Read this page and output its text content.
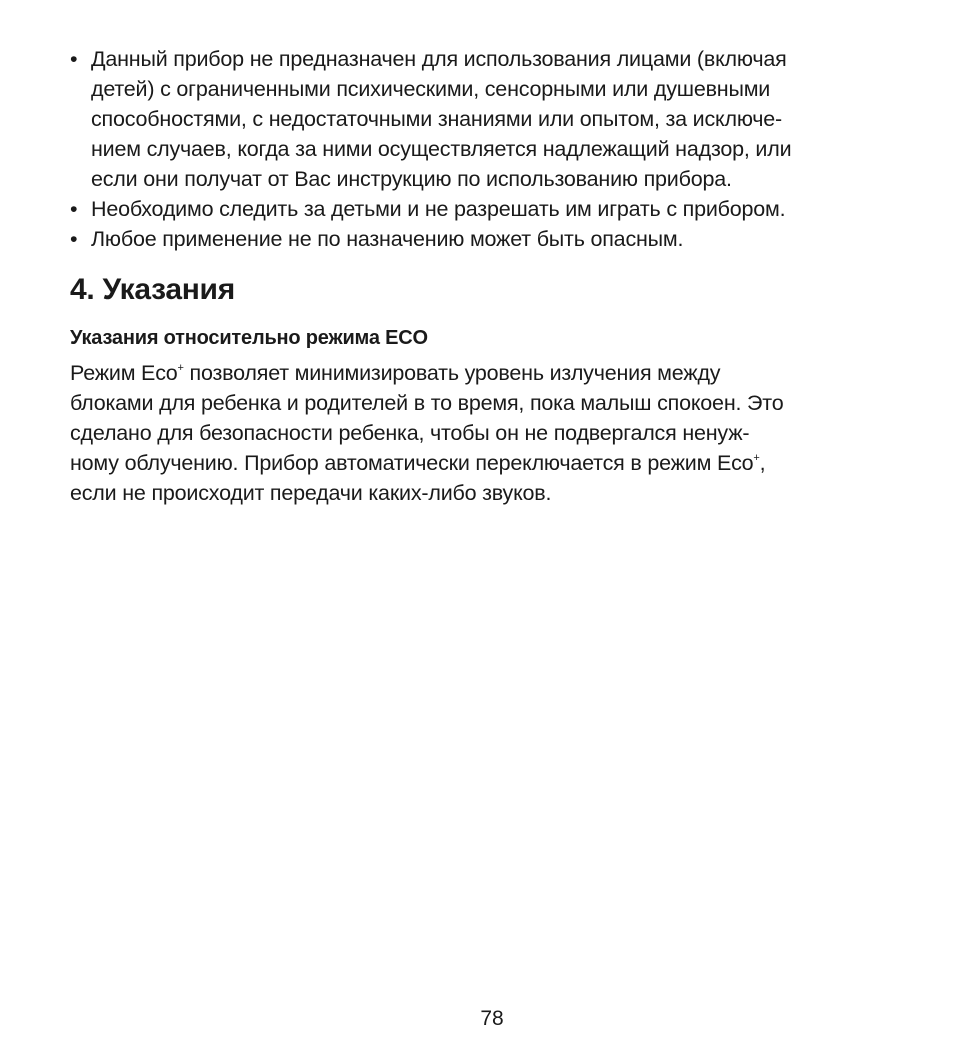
• Данный прибор не предназначен для использования лицами (включая
детей) с ограниченными психическими, сенсорными или душевными
способностями, с недостаточными знаниями или опытом, за исключе-
нием случаев, когда за ними осуществляется надлежащий надзор, или
если они получат от Вас инструкцию по использованию прибора.
• Необходимо следить за детьми и не разрешать им играть с прибором.
• Любое применение не по назначению может быть опасным.
4. Указания
Указания относительно режима ECO

Режим Eco+ позволяет минимизировать уровень излучения между
блоками для ребенка и родителей в то время, пока малыш спокоен. Это
сделано для безопасности ребенка, чтобы он не подвергался ненуж-
ному облучению. Прибор автоматически переключается в режим Eco+,
если не происходит передачи каких-либо звуков.

78
